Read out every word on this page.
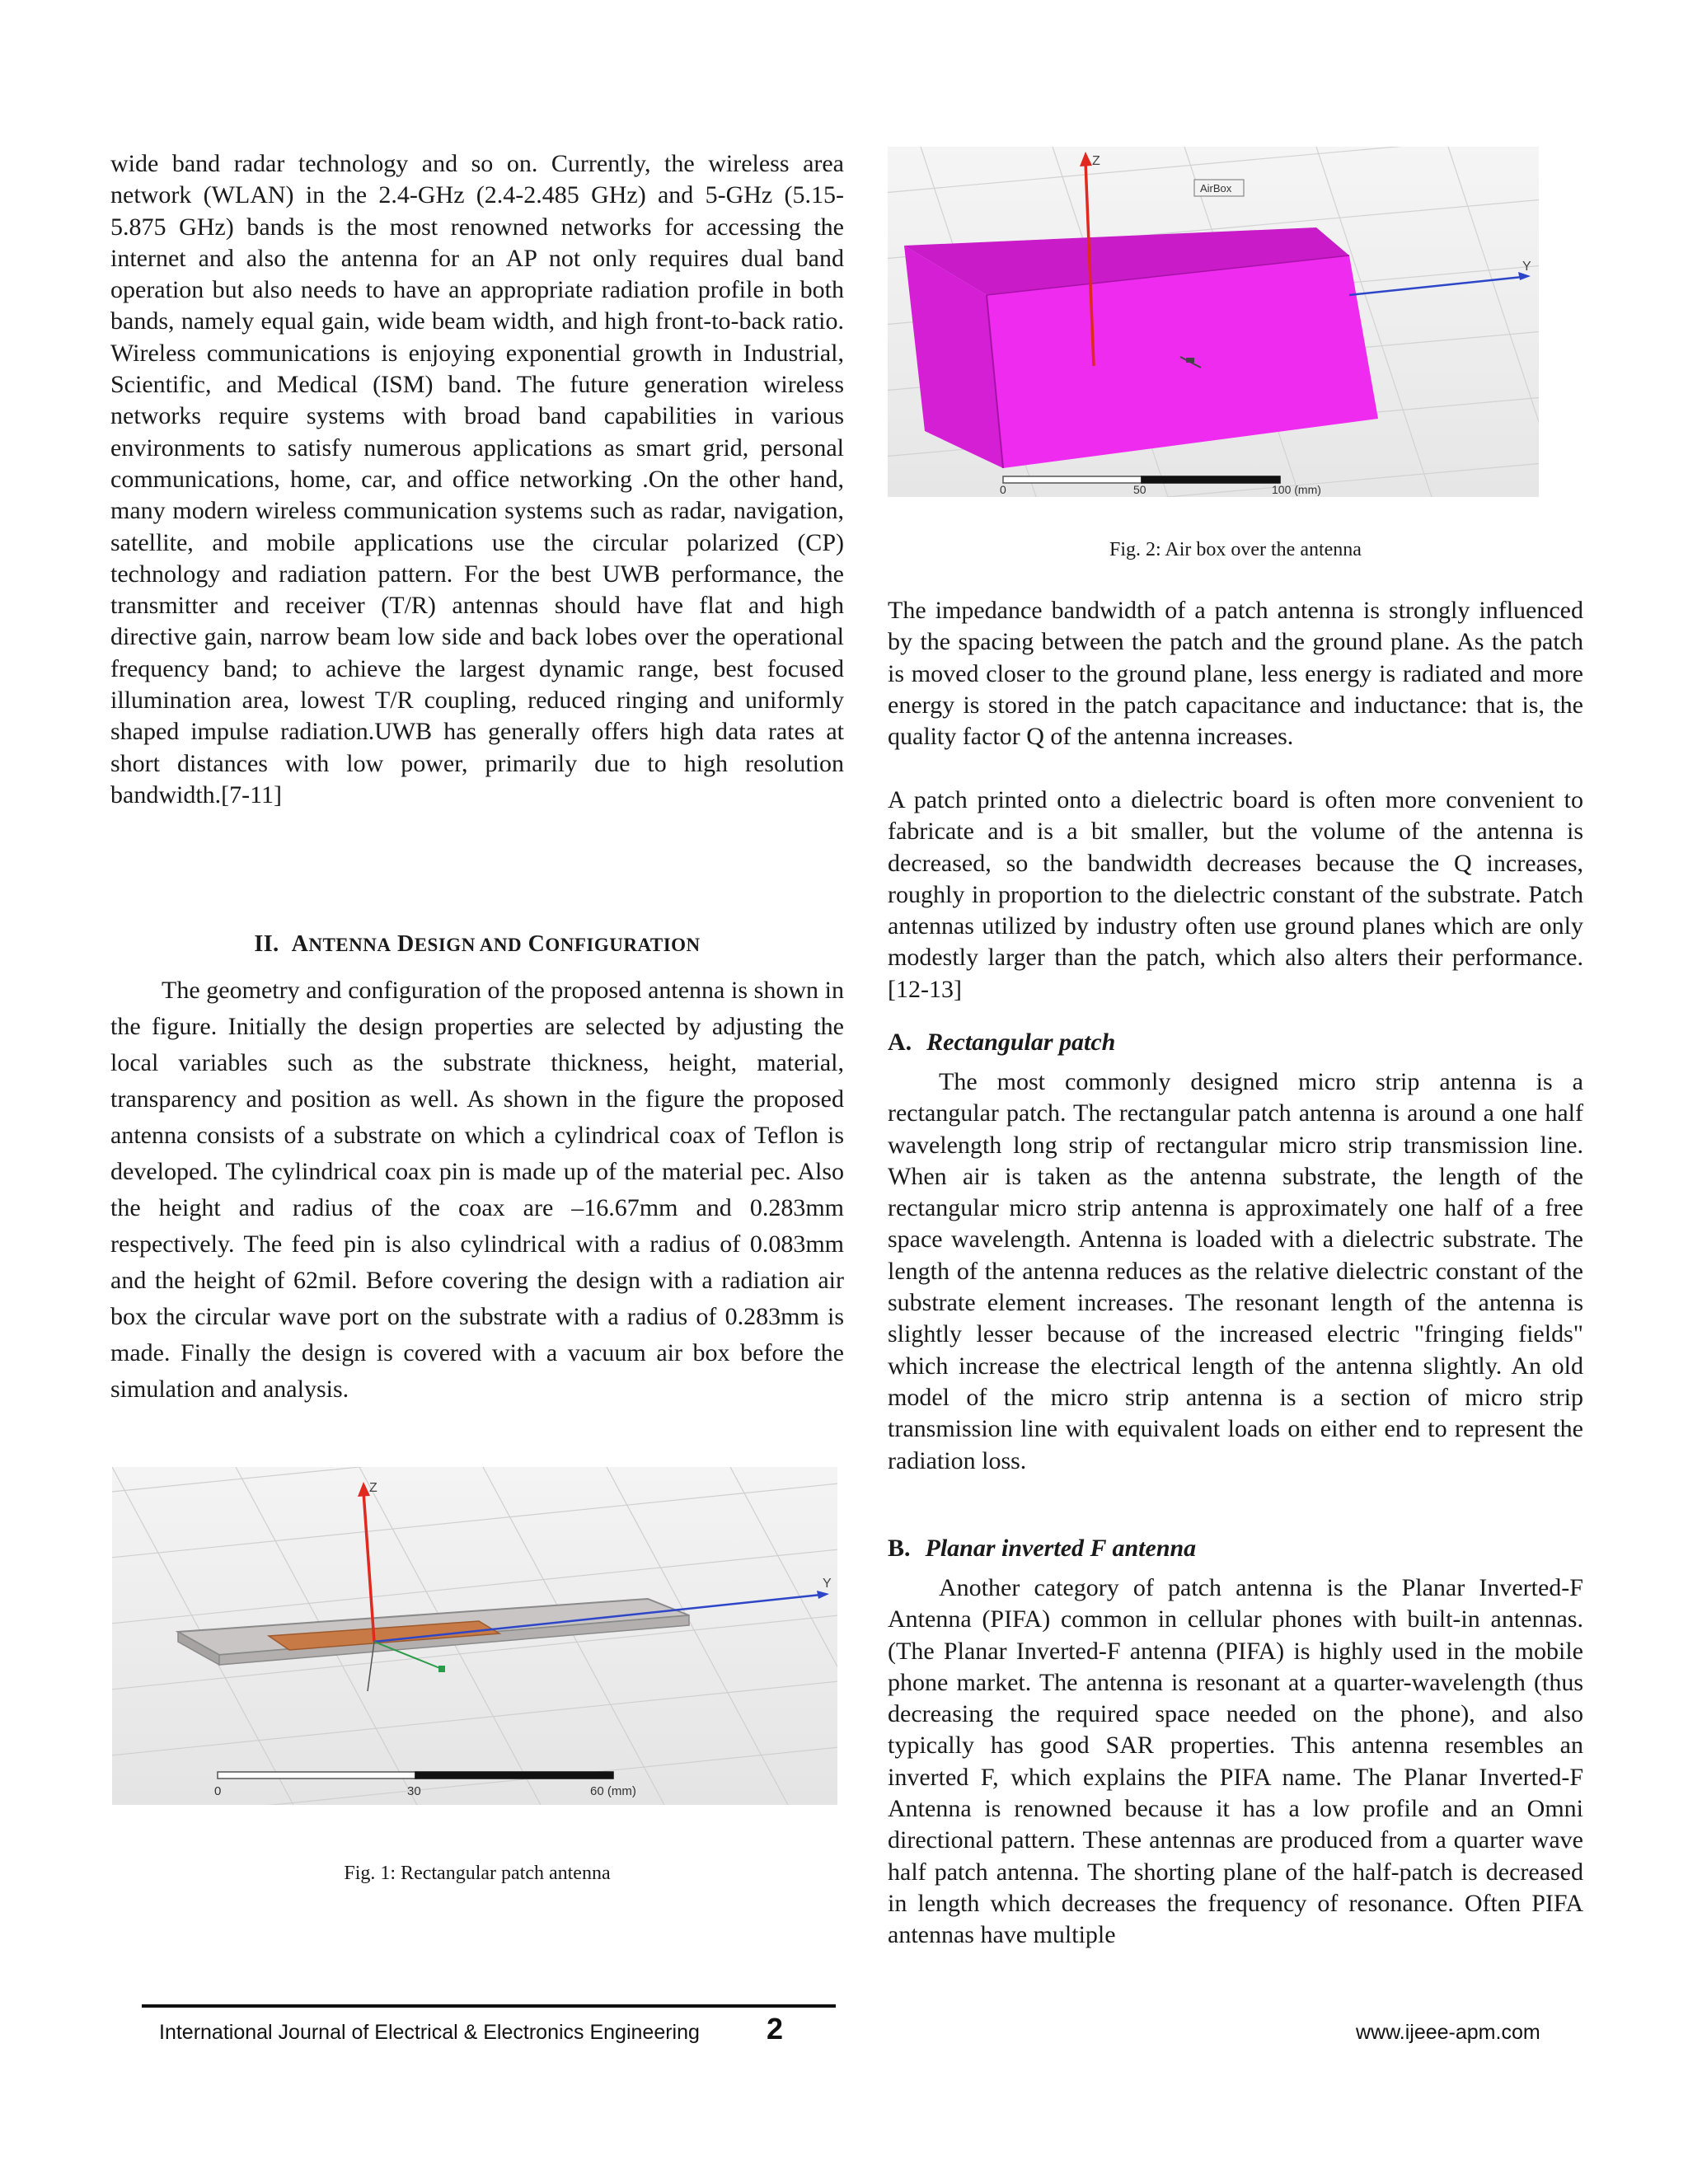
wide band radar technology and so on. Currently, the wireless area network (WLAN) in the 2.4-GHz (2.4-2.485 GHz) and 5-GHz (5.15-5.875 GHz) bands is the most renowned networks for accessing the internet and also the antenna for an AP not only requires dual band operation but also needs to have an appropriate radiation profile in both bands, namely equal gain, wide beam width, and high front-to-back ratio. Wireless communications is enjoying exponential growth in Industrial, Scientific, and Medical (ISM) band. The future generation wireless networks require systems with broad band capabilities in various environments to satisfy numerous applications as smart grid, personal communications, home, car, and office networking .On the other hand, many modern wireless communication systems such as radar, navigation, satellite, and mobile applications use the circular polarized (CP) technology and radiation pattern. For the best UWB performance, the transmitter and receiver (T/R) antennas should have flat and high directive gain, narrow beam low side and back lobes over the operational frequency band; to achieve the largest dynamic range, best focused illumination area, lowest T/R coupling, reduced ringing and uniformly shaped impulse radiation.UWB has generally offers high data rates at short distances with low power, primarily due to high resolution bandwidth.[7-11]

II. ANTENNA DESIGN AND CONFIGURATION

The geometry and configuration of the proposed antenna is shown in the figure. Initially the design properties are selected by adjusting the local variables such as the substrate thickness, height, material, transparency and position as well. As shown in the figure the proposed antenna consists of a substrate on which a cylindrical coax of Teflon is developed. The cylindrical coax pin is made up of the material pec. Also the height and radius of the coax are –16.67mm and 0.283mm respectively. The feed pin is also cylindrical with a radius of 0.083mm and the height of 62mil. Before covering the design with a radiation air box the circular wave port on the substrate with a radius of 0.283mm is made. Finally the design is covered with a vacuum air box before the simulation and analysis.

Z
Y
0	30	60 (mm)

Fig. 1: Rectangular patch antenna

Z
Y
AirBox
0	50	100 (mm)

Fig. 2: Air box over the antenna

The impedance bandwidth of a patch antenna is strongly influenced by the spacing between the patch and the ground plane. As the patch is moved closer to the ground plane, less energy is radiated and more energy is stored in the patch capacitance and inductance: that is, the quality factor Q of the antenna increases.

A patch printed onto a dielectric board is often more convenient to fabricate and is a bit smaller, but the volume of the antenna is decreased, so the bandwidth decreases because the Q increases, roughly in proportion to the dielectric constant of the substrate. Patch antennas utilized by industry often use ground planes which are only modestly larger than the patch, which also alters their performance.[12-13]

A. Rectangular patch

The most commonly designed micro strip antenna is a rectangular patch. The rectangular patch antenna is around a one half wavelength long strip of rectangular micro strip transmission line. When air is taken as the antenna substrate, the length of the rectangular micro strip antenna is approximately one half of a free space wavelength. Antenna is loaded with a dielectric substrate. The length of the antenna reduces as the relative dielectric constant of the substrate element increases. The resonant length of the antenna is slightly lesser because of the increased electric "fringing fields" which increase the electrical length of the antenna slightly. An old model of the micro strip antenna is a section of micro strip transmission line with equivalent loads on either end to represent the radiation loss.

B. Planar inverted F antenna

Another category of patch antenna is the Planar Inverted-F Antenna (PIFA) common in cellular phones with built-in antennas. (The Planar Inverted-F antenna (PIFA) is highly used in the mobile phone market. The antenna is resonant at a quarter-wavelength (thus decreasing the required space needed on the phone), and also typically has good SAR properties. This antenna resembles an inverted F, which explains the PIFA name. The Planar Inverted-F Antenna is renowned because it has a low profile and an Omni directional pattern. These antennas are produced from a quarter wave half patch antenna. The shorting plane of the half-patch is decreased in length which decreases the frequency of resonance. Often PIFA antennas have multiple

International Journal of Electrical & Electronics Engineering 2	www.ijeee-apm.com
